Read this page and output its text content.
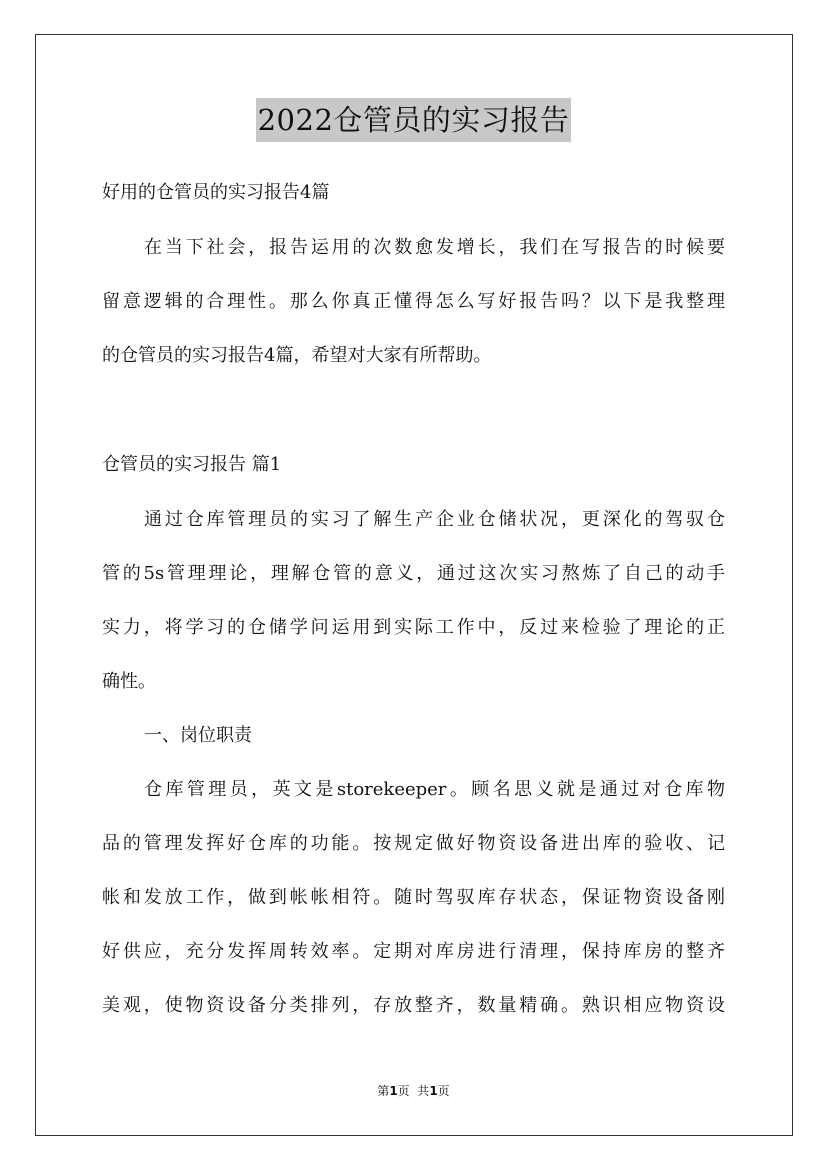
2022仓管员的实习报告
好用的仓管员的实习报告4篇
在当下社会，报告运用的次数愈发增长，我们在写报告的时候要
留意逻辑的合理性。那么你真正懂得怎么写好报告吗？以下是我整理
的仓管员的实习报告4篇，希望对大家有所帮助。
仓管员的实习报告 篇1
通过仓库管理员的实习了解生产企业仓储状况，更深化的驾驭仓
管的5s管理理论，理解仓管的意义，通过这次实习熬炼了自己的动手
实力，将学习的仓储学问运用到实际工作中，反过来检验了理论的正
确性。
一、岗位职责
仓库管理员，英文是storekeeper。顾名思义就是通过对仓库物
品的管理发挥好仓库的功能。按规定做好物资设备进出库的验收、记
帐和发放工作，做到帐帐相符。随时驾驭库存状态，保证物资设备刚
好供应，充分发挥周转效率。定期对库房进行清理，保持库房的整齐
美观，使物资设备分类排列，存放整齐，数量精确。熟识相应物资设
第1页  共1页
